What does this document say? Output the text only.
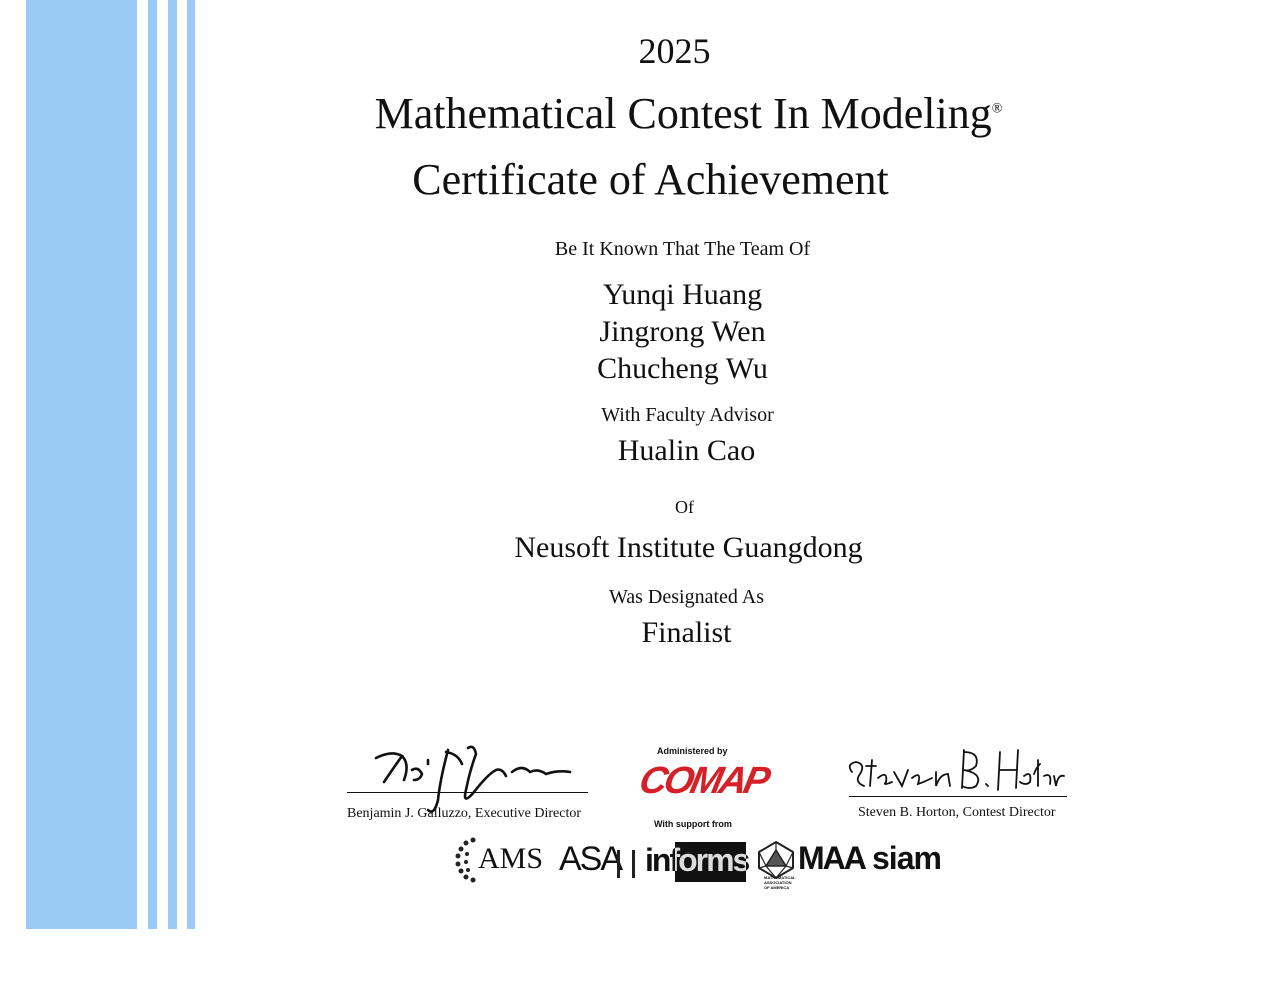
2025
Mathematical Contest In Modeling®
Certificate of Achievement
Be It Known That The Team Of
Yunqi Huang
Jingrong Wen
Chucheng Wu
With Faculty Advisor
Hualin Cao
Of
Neusoft Institute Guangdong
Was Designated As
Finalist
Benjamin J. Galluzzo, Executive Director
Administered by
COMAP
With support from
Steven B. Horton, Contest Director
AMS ASA informs MAA
MATHEMATICAL ASSOCIATION OF AMERICA
siam
